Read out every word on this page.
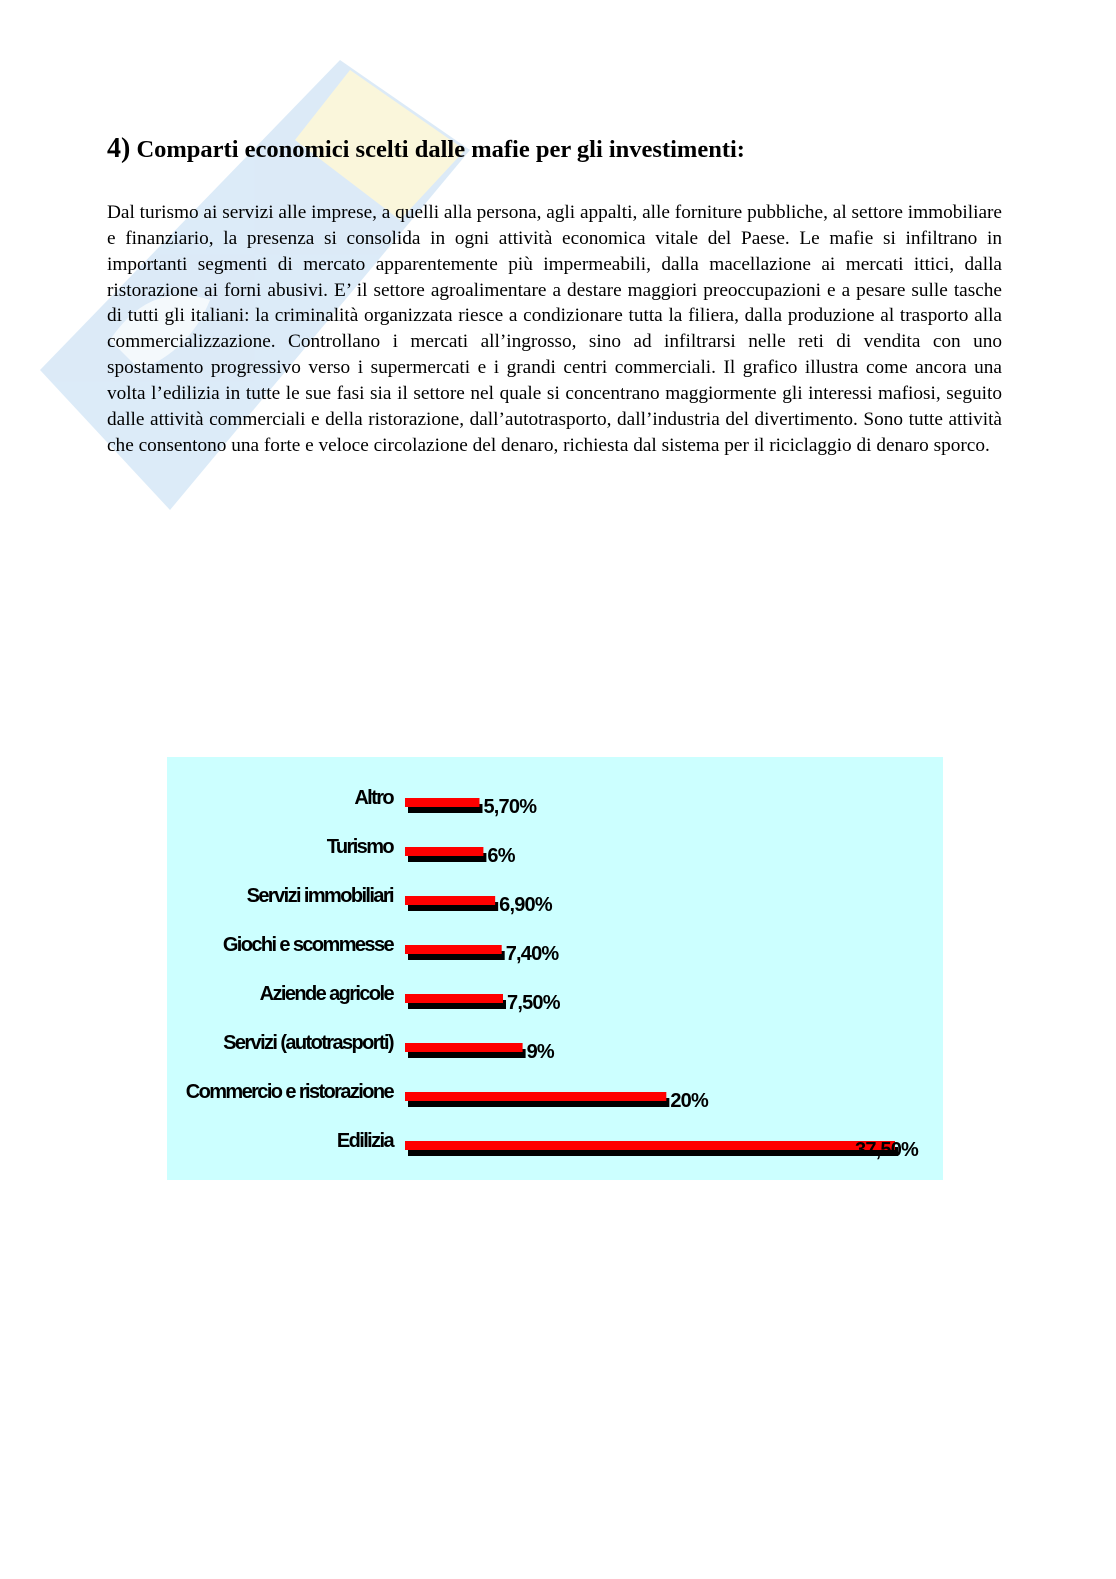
4) Comparti economici scelti dalle mafie per gli investimenti:

Dal turismo ai servizi alle imprese, a quelli alla persona, agli appalti, alle forniture pubbliche, al settore immobiliare e finanziario, la presenza si consolida in ogni attività economica vitale del Paese. Le mafie si infiltrano in importanti segmenti di mercato apparentemente più impermeabili, dalla macellazione ai mercati ittici, dalla ristorazione ai forni abusivi. E’ il settore agroalimentare a destare maggiori preoccupazioni e a pesare sulle tasche di tutti gli italiani: la criminalità organizzata riesce a condizionare tutta la filiera, dalla produzione al trasporto alla commercializzazione. Controllano i mercati all’ingrosso, sino ad infiltrarsi nelle reti di vendita con uno spostamento progressivo verso i supermercati e i grandi centri commerciali. Il grafico illustra come ancora una volta l’edilizia in tutte le sue fasi sia il settore nel quale si concentrano maggiormente gli interessi mafiosi, seguito dalle attività commerciali e della ristorazione, dall’autotrasporto, dall’industria del divertimento. Sono tutte attività che consentono una forte e veloce circolazione del denaro, richiesta dal sistema per il riciclaggio di denaro sporco.

Altro	5,70%
Turismo	6%
Servizi immobiliari	6,90%
Giochi e scommesse	7,40%
Aziende agricole	7,50%
Servizi (autotrasporti)	9%
Commercio e ristorazione	20%
Edilizia	37,50%
